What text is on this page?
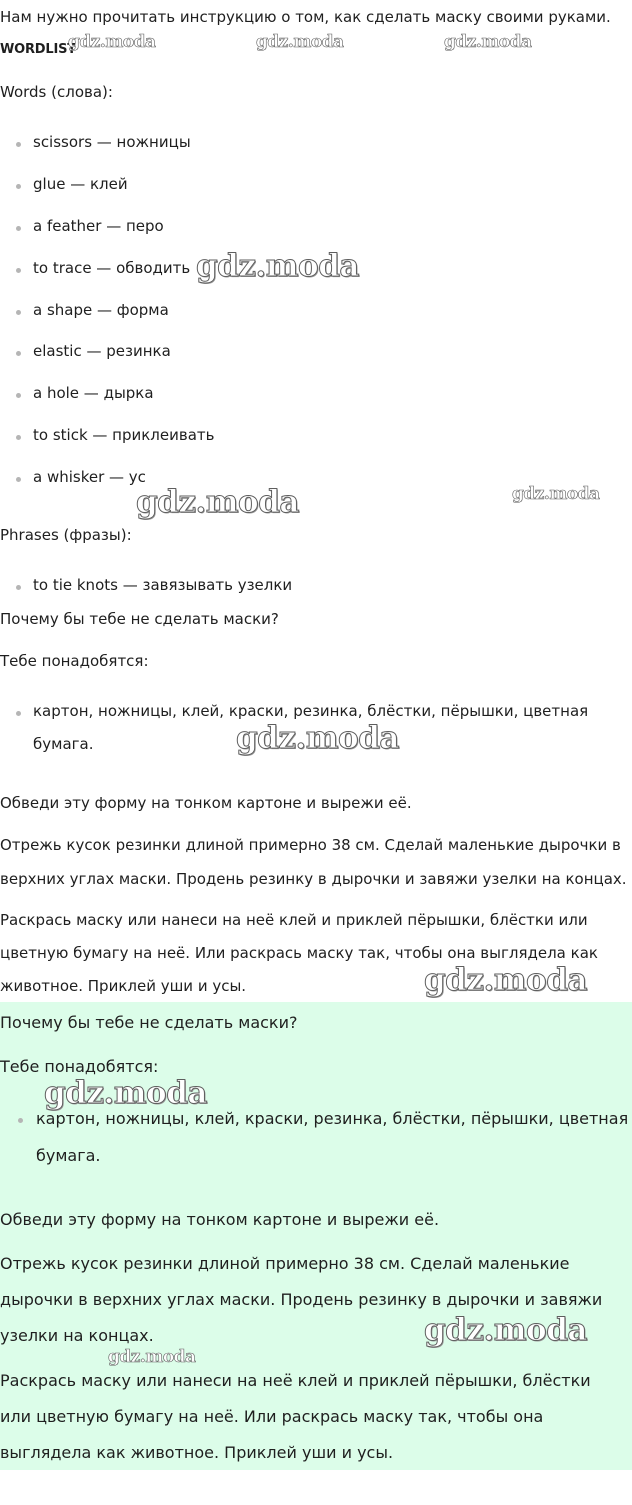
Нам нужно прочитать инструкцию о том, как сделать маску своими руками.
WORDLIST
Words (слова):
scissors — ножницы
glue — клей
a feather — перо
to trace — обводить
a shape — форма
elastic — резинка
a hole — дырка
to stick — приклеивать
a whisker — ус
Phrases (фразы):
to tie knots — завязывать узелки
Почему бы тебе не сделать маски?
Тебе понадобятся:
картон, ножницы, клей, краски, резинка, блёстки, пёрышки, цветная
бумага.
Обведи эту форму на тонком картоне и вырежи её.
Отрежь кусок резинки длиной примерно 38 см. Сделай маленькие дырочки в
верхних углах маски. Продень резинку в дырочки и завяжи узелки на концах.
Раскрась маску или нанеси на неё клей и приклей пёрышки, блёстки или
цветную бумагу на неё. Или раскрась маску так, чтобы она выглядела как
животное. Приклей уши и усы.
Почему бы тебе не сделать маски?
Тебе понадобятся:
картон, ножницы, клей, краски, резинка, блёстки, пёрышки, цветная
бумага.
Обведи эту форму на тонком картоне и вырежи её.
Отрежь кусок резинки длиной примерно 38 см. Сделай маленькие
дырочки в верхних углах маски. Продень резинку в дырочки и завяжи
узелки на концах.
Раскрась маску или нанеси на неё клей и приклей пёрышки, блёстки
или цветную бумагу на неё. Или раскрась маску так, чтобы она
выглядела как животное. Приклей уши и усы.
gdz.moda	gdz.moda	gdz.moda
gdz.moda
gdz.moda	gdz.moda
gdz.moda
gdz.moda
gdz.moda
gdz.moda
gdz.moda
